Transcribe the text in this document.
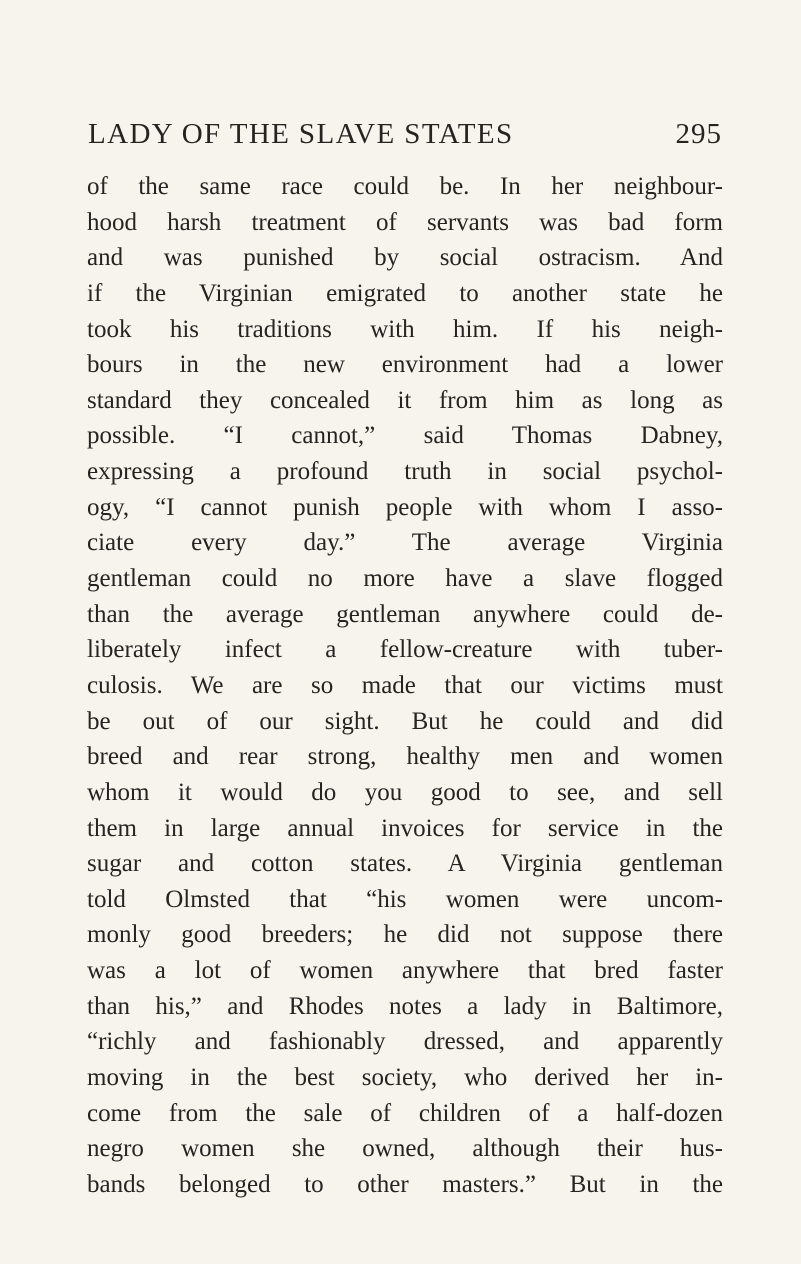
LADY OF THE SLAVE STATES	295
of the same race could be. In her neighbour-
hood harsh treatment of servants was bad form
and was punished by social ostracism. And
if the Virginian emigrated to another state he
took his traditions with him. If his neigh-
bours in the new environment had a lower
standard they concealed it from him as long as
possible. “I cannot,” said Thomas Dabney,
expressing a profound truth in social psychol-
ogy, “I cannot punish people with whom I asso-
ciate every day.” The average Virginia
gentleman could no more have a slave flogged
than the average gentleman anywhere could de-
liberately infect a fellow-creature with tuber-
culosis. We are so made that our victims must
be out of our sight. But he could and did
breed and rear strong, healthy men and women
whom it would do you good to see, and sell
them in large annual invoices for service in the
sugar and cotton states. A Virginia gentleman
told Olmsted that “his women were uncom-
monly good breeders; he did not suppose there
was a lot of women anywhere that bred faster
than his,” and Rhodes notes a lady in Baltimore,
“richly and fashionably dressed, and apparently
moving in the best society, who derived her in-
come from the sale of children of a half-dozen
negro women she owned, although their hus-
bands belonged to other masters.” But in the
